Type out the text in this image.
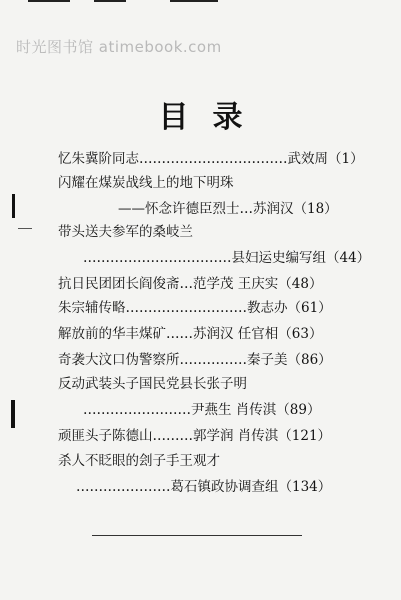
时光图书馆 atimebook.com
目录
忆朱冀阶同志……………………………武效周（1）
闪耀在煤炭战线上的地下明珠
——怀念许德臣烈士…苏润汉（18）
带头送夫参军的桑岐兰
……………………………县妇运史编写组（44）
抗日民团团长阎俊斋…范学茂 王庆实（48）
朱宗辅传略………………………教志办（61）
解放前的华丰煤矿……苏润汉 任官相（63）
奇袭大汶口伪警察所……………秦子美（86）
反动武装头子国民党县长张子明
……………………尹燕生 肖传淇（89）
顽匪头子陈德山………郭学润 肖传淇（121）
杀人不眨眼的刽子手王观才
…………………葛石镇政协调查组（134）
